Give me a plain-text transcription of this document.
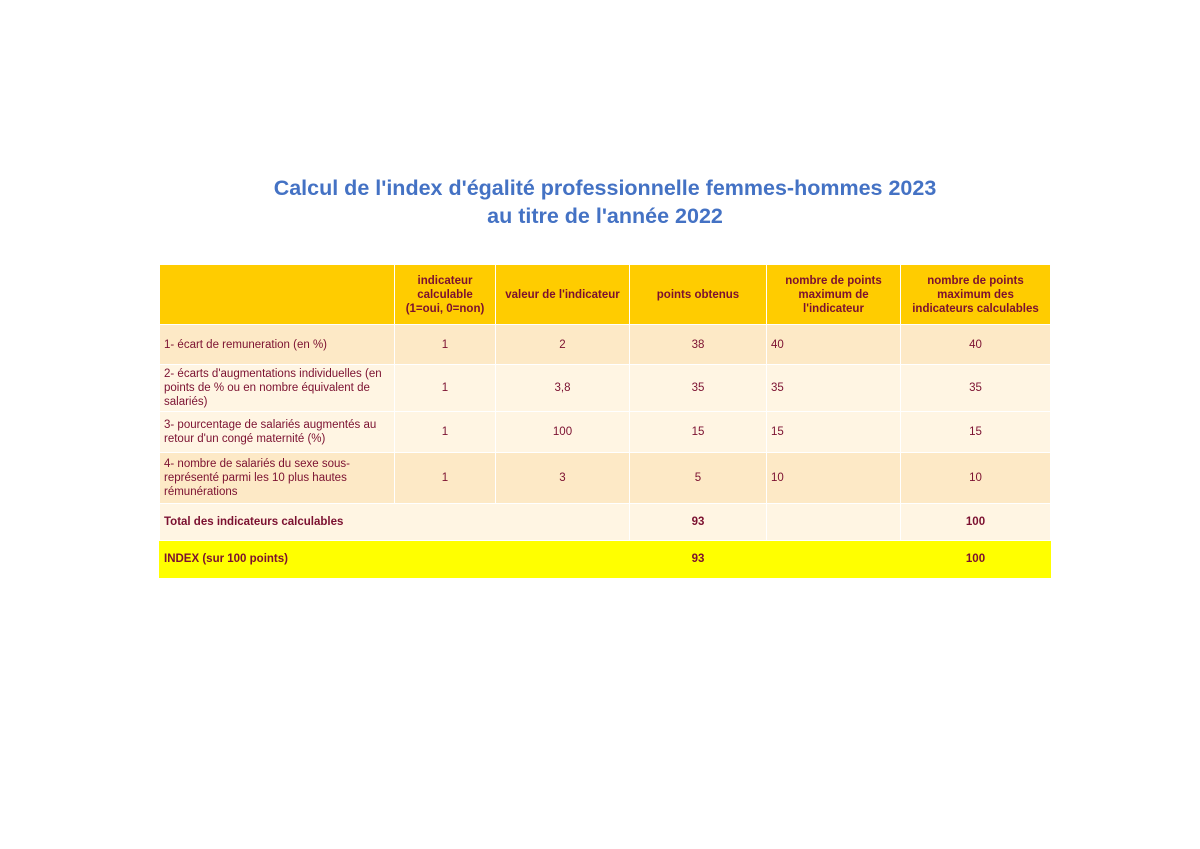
Calcul de l'index d'égalité professionnelle femmes-hommes 2023
au titre de l'année 2022
	indicateur calculable (1=oui, 0=non)	valeur de l'indicateur	points obtenus	nombre de points maximum de l'indicateur	nombre de points maximum des indicateurs calculables
1- écart de remuneration (en %)	1	2	38	40	40
2- écarts d'augmentations individuelles (en points de % ou en nombre équivalent de salariés)	1	3,8	35	35	35
3- pourcentage de salariés augmentés au retour d'un congé maternité (%)	1	100	15	15	15
4- nombre de salariés du sexe sous-représenté parmi les 10 plus hautes rémunérations	1	3	5	10	10
Total des indicateurs calculables			93		100
INDEX (sur 100 points)			93		100
